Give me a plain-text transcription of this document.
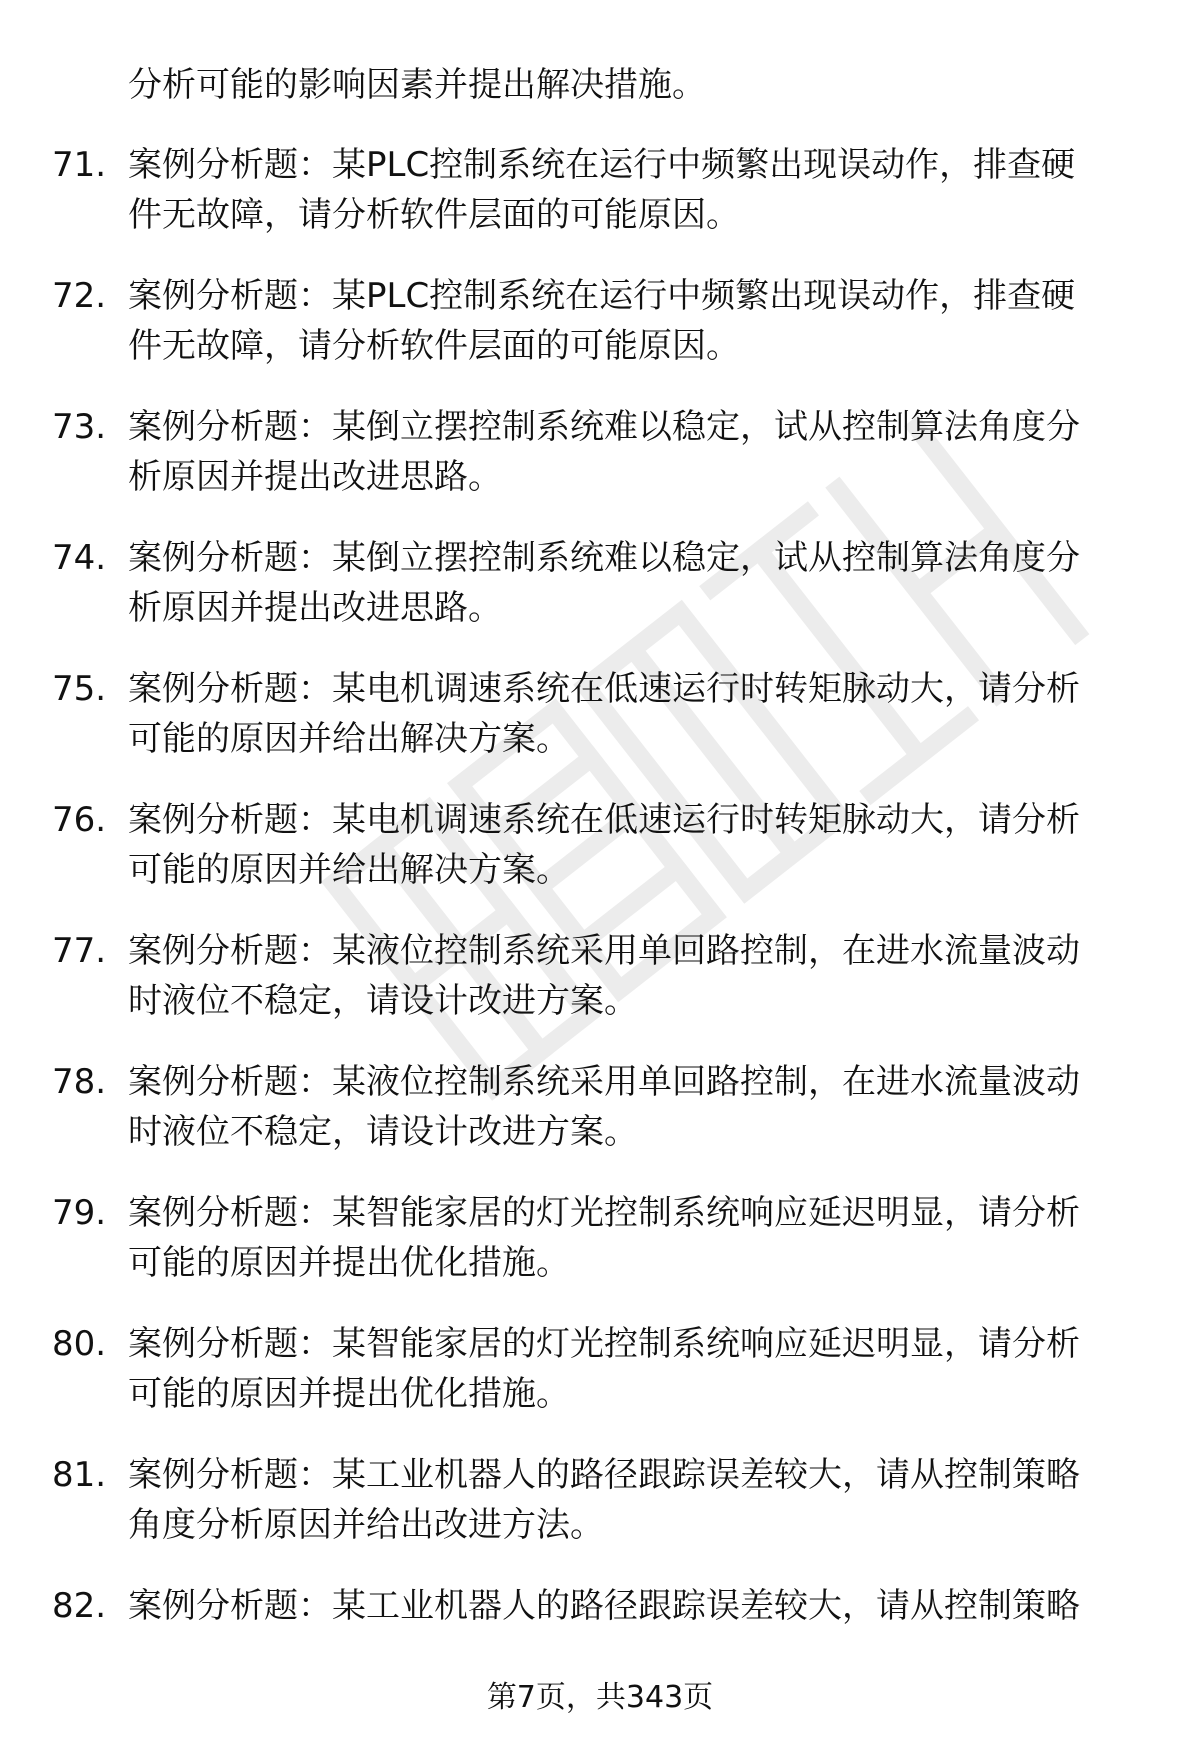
分析可能的影响因素并提出解决措施。
71. 案例分析题：某PLC控制系统在运行中频繁出现误动作，排查硬
件无故障，请分析软件层面的可能原因。
72. 案例分析题：某PLC控制系统在运行中频繁出现误动作，排查硬
件无故障，请分析软件层面的可能原因。
73. 案例分析题：某倒立摆控制系统难以稳定，试从控制算法角度分
析原因并提出改进思路。
74. 案例分析题：某倒立摆控制系统难以稳定，试从控制算法角度分
析原因并提出改进思路。
75. 案例分析题：某电机调速系统在低速运行时转矩脉动大，请分析
可能的原因并给出解决方案。
76. 案例分析题：某电机调速系统在低速运行时转矩脉动大，请分析
可能的原因并给出解决方案。
77. 案例分析题：某液位控制系统采用单回路控制，在进水流量波动
时液位不稳定，请设计改进方案。
78. 案例分析题：某液位控制系统采用单回路控制，在进水流量波动
时液位不稳定，请设计改进方案。
79. 案例分析题：某智能家居的灯光控制系统响应延迟明显，请分析
可能的原因并提出优化措施。
80. 案例分析题：某智能家居的灯光控制系统响应延迟明显，请分析
可能的原因并提出优化措施。
81. 案例分析题：某工业机器人的路径跟踪误差较大，请从控制策略
角度分析原因并给出改进方法。
82. 案例分析题：某工业机器人的路径跟踪误差较大，请从控制策略
第7页，共343页
